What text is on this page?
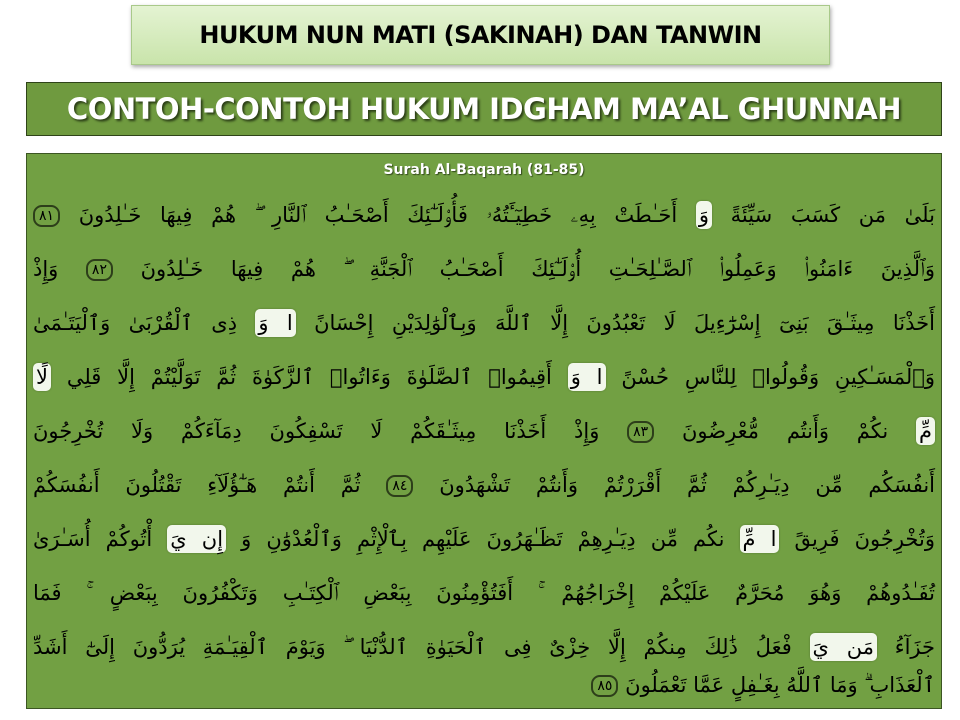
HUKUM NUN MATI (SAKINAH) DAN TANWIN
CONTOH-CONTOH HUKUM IDGHAM MA’AL GHUNNAH
Surah Al-Baqarah (81-85)
بَلَىٰ مَن كَسَبَ سَيِّئَةً وَ أَحَـٰطَتْ بِهِۦ خَطِيٓـَٔتُهُۥ فَأُو۟لَـٰٓئِكَ أَصْحَـٰبُ ٱلنَّارِ ۖ هُمْ فِيهَا خَـٰلِدُونَ ٨١
وَٱلَّذِينَ ءَامَنُوا۟ وَعَمِلُوا۟ ٱلصَّـٰلِحَـٰتِ أُو۟لَـٰٓئِكَ أَصْحَـٰبُ ٱلْجَنَّةِ ۖ هُمْ فِيهَا خَـٰلِدُونَ ٨٢ وَإِذْ
أَخَذْنَا مِيثَـٰقَ بَنِىٓ إِسْرَٰٓءِيلَ لَا تَعْبُدُونَ إِلَّا ٱللَّهَ وَبِٱلْوَٰلِدَيْنِ إِحْسَانً ا وَ ذِى ٱلْقُرْبَىٰ وَٱلْيَتَـٰمَىٰ
وَٱلْمَسَـٰكِينِ وَقُولُوا۟ لِلنَّاسِ حُسْنً ا وَ أَقِيمُوا۟ ٱلصَّلَوٰةَ وَءَاتُوا۟ ٱلزَّكَوٰةَ ثُمَّ تَوَلَّيْتُمْ إِلَّا قَلِي لًا
مِّ نكُمْ وَأَنتُم مُّعْرِضُونَ ٨٣ وَإِذْ أَخَذْنَا مِيثَـٰقَكُمْ لَا تَسْفِكُونَ دِمَآءَكُمْ وَلَا تُخْرِجُونَ
أَنفُسَكُم مِّن دِيَـٰرِكُمْ ثُمَّ أَقْرَرْتُمْ وَأَنتُمْ تَشْهَدُونَ ٨٤ ثُمَّ أَنتُمْ هَـٰٓؤُلَآءِ تَقْتُلُونَ أَنفُسَكُمْ
وَتُخْرِجُونَ فَرِيقً ا مِّ نكُم مِّن دِيَـٰرِهِمْ تَظَـٰهَرُونَ عَلَيْهِم بِٱلْإِثْمِ وَٱلْعُدْوَٰنِ وَ إِن يَ أْتُوكُمْ أُسَـٰرَىٰ
تُفَـٰدُوهُمْ وَهُوَ مُحَرَّمٌ عَلَيْكُمْ إِخْرَاجُهُمْ ۚ أَفَتُؤْمِنُونَ بِبَعْضِ ٱلْكِتَـٰبِ وَتَكْفُرُونَ بِبَعْضٍ ۚ فَمَا
جَزَآءُ مَن يَ فْعَلُ ذَٰلِكَ مِنكُمْ إِلَّا خِزْىٌ فِى ٱلْحَيَوٰةِ ٱلدُّنْيَا ۖ وَيَوْمَ ٱلْقِيَـٰمَةِ يُرَدُّونَ إِلَىٰٓ أَشَدِّ
ٱلْعَذَابِ ۗ وَمَا ٱللَّهُ بِغَـٰفِلٍ عَمَّا تَعْمَلُونَ ٨٥
